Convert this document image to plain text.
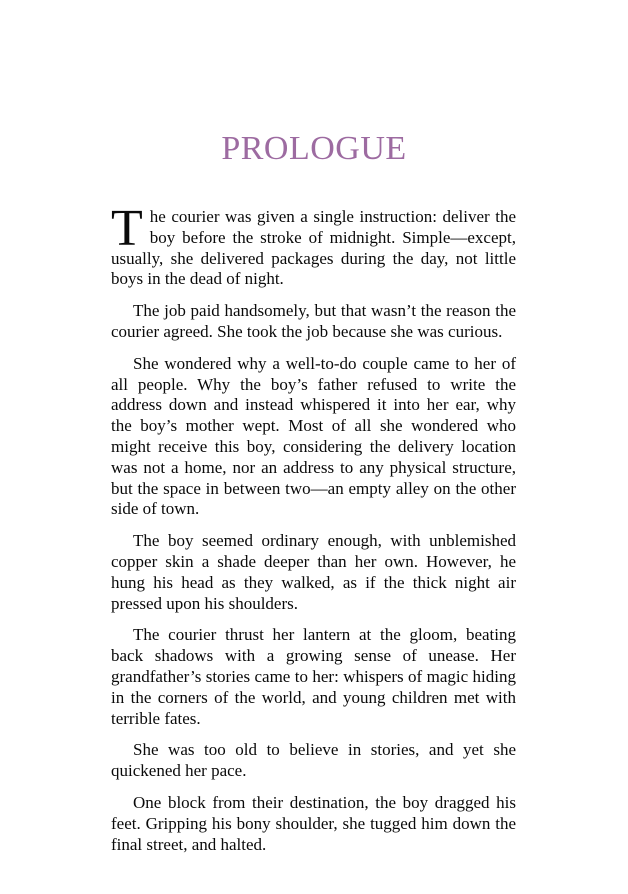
PROLOGUE

The courier was given a single instruction: deliver the boy before the stroke of midnight. Simple—except, usually, she delivered packages during the day, not little boys in the dead of night.

The job paid handsomely, but that wasn’t the reason the courier agreed. She took the job because she was curious.

She wondered why a well-to-do couple came to her of all people. Why the boy’s father refused to write the address down and instead whispered it into her ear, why the boy’s mother wept. Most of all she wondered who might receive this boy, considering the delivery location was not a home, nor an address to any physical structure, but the space in between two—an empty alley on the other side of town.

The boy seemed ordinary enough, with unblemished copper skin a shade deeper than her own. However, he hung his head as they walked, as if the thick night air pressed upon his shoulders.

The courier thrust her lantern at the gloom, beating back shadows with a growing sense of unease. Her grandfather’s stories came to her: whispers of magic hiding in the corners of the world, and young children met with terrible fates.

She was too old to believe in stories, and yet she quickened her pace.

One block from their destination, the boy dragged his feet. Gripping his bony shoulder, she tugged him down the final street, and halted.
